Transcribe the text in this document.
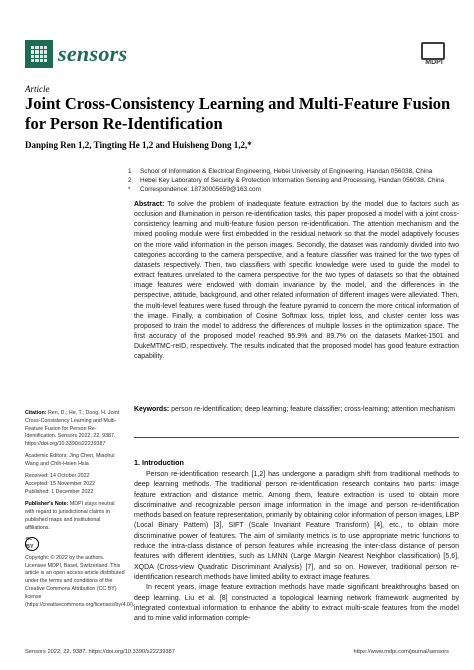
sensors	MDPI
Article
Joint Cross-Consistency Learning and Multi-Feature Fusion for Person Re-Identification
Danping Ren 1,2, Tingting He 1,2 and Huisheng Dong 1,2,*
1	School of Information & Electrical Engineering, Hebei University of Engineering, Handan 056038, China
2	Hebei Key Laboratory of Security & Protection Information Sensing and Processing, Handan 056038, China
*	Correspondence: 18730005659@163.com
Abstract: To solve the problem of inadequate feature extraction by the model due to factors such as occlusion and illumination in person re-identification tasks, this paper proposed a model with a joint cross-consistency learning and multi-feature fusion person re-identification. The attention mechanism and the mixed pooling module were first embedded in the residual network so that the model adaptively focuses on the more valid information in the person images. Secondly, the dataset was randomly divided into two categories according to the camera perspective, and a feature classifier was trained for the two types of datasets respectively. Then, two classifiers with specific knowledge were used to guide the model to extract features unrelated to the camera perspective for the two types of datasets so that the obtained image features were endowed with domain invariance by the model, and the differences in the perspective, attitude, background, and other related information of different images were alleviated. Then, the multi-level features were fused through the feature pyramid to concern the more critical information of the image. Finally, a combination of Cosine Softmax loss, triplet loss, and cluster center loss was proposed to train the model to address the differences of multiple losses in the optimization space. The first accuracy of the proposed model reached 95.9% and 89.7% on the datasets Market-1501 and DukeMTMC-reID, respectively. The results indicated that the proposed model has good feature extraction capability.
Keywords: person re-identification; deep learning; feature classifier; cross-learning; attention mechanism

Citation: Ren, D.; He, T.; Dong, H. Joint Cross-Consistency Learning and Multi-Feature Fusion for Person Re-Identification. Sensors 2022, 22, 9387. https://doi.org/10.3390/s22239387

Academic Editors: Jing Chen, Miaohui Wang and Chih-Hsien Hsia

Received: 14 October 2022
Accepted: 15 November 2022
Published: 1 December 2022

Publisher's Note: MDPI stays neutral with regard to jurisdictional claims in published maps and institutional affiliations.

cc BY

Copyright: © 2022 by the authors. Licensee MDPI, Basel, Switzerland. This article is an open access article distributed under the terms and conditions of the Creative Commons Attribution (CC BY) license (https://creativecommons.org/licenses/by/4.0/).

1. Introduction

Person re-identification research [1,2] has undergone a paradigm shift from traditional methods to deep learning methods. The traditional person re-identification research contains two parts: image feature extraction and distance metric. Among them, feature extraction is used to obtain more discriminative and recognizable person image information in the image and person re-identification methods based on feature representation, primarily by obtaining color information of person images, LBP (Local Binary Pattern) [3], SIFT (Scale Invariant Feature Transform) [4], etc., to obtain more discriminative power of features. The aim of similarity metrics is to use appropriate metric functions to reduce the intra-class distance of person features while increasing the inter-class distance of person features with different identities, such as LMNN (Large Margin Nearest Neighbor classification) [5,6], XQDA (Cross-view Quadratic Discriminant Analysis) [7], and so on. However, traditional person re-identification research methods have limited ability to extract image features.

In recent years, image feature extraction methods have made significant breakthroughs based on deep learning. Liu et al. [8] constructed a topological learning network framework augmented by integrated contextual information to enhance the ability to extract multi-scale features from the model and to mine valid information comple-

Sensors 2022, 22, 9387. https://doi.org/10.3390/s22239387	https://www.mdpi.com/journal/sensors
